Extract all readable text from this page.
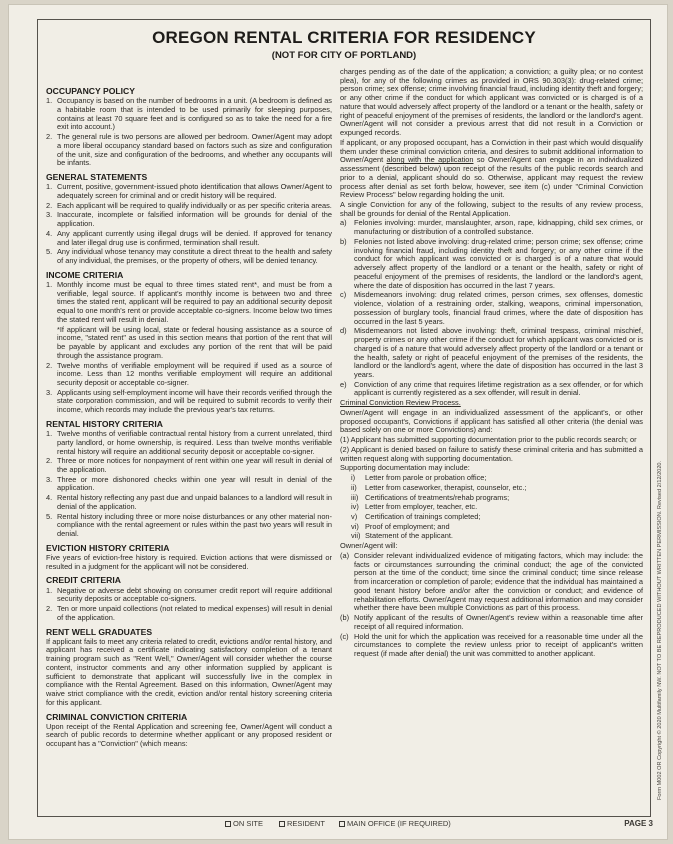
OREGON RENTAL CRITERIA FOR RESIDENCY
(NOT FOR CITY OF PORTLAND)
OCCUPANCY POLICY
1. Occupancy is based on the number of bedrooms in a unit. (A bedroom is defined as a habitable room that is intended to be used primarily for sleeping purposes, contains at least 70 square feet and is configured so as to take the need for a fire exit into account.)
2. The general rule is two persons are allowed per bedroom. Owner/Agent may adopt a more liberal occupancy standard based on factors such as size and configuration of the unit, size and configuration of the bedrooms, and whether any occupants will be infants.
GENERAL STATEMENTS
1. Current, positive, government-issued photo identification that allows Owner/Agent to adequately screen for criminal and or credit history will be required.
2. Each applicant will be required to qualify individually or as per specific criteria areas.
3. Inaccurate, incomplete or falsified information will be grounds for denial of the application.
4. Any applicant currently using illegal drugs will be denied. If approved for tenancy and later illegal drug use is confirmed, termination shall result.
5. Any individual whose tenancy may constitute a direct threat to the health and safety of any individual, the premises, or the property of others, will be denied tenancy.
INCOME CRITERIA
1. Monthly income must be equal to three times stated rent*, and must be from a verifiable, legal source. If applicant's monthly income is between two and three times the stated rent, applicant will be required to pay an additional security deposit equal to one month's rent or provide acceptable co-signers. Income below two times the stated rent will result in denial.
*If applicant will be using local, state or federal housing assistance as a source of income, "stated rent" as used in this section means that portion of the rent that will be payable by applicant and excludes any portion of the rent that will be paid through the assistance program.
2. Twelve months of verifiable employment will be required if used as a source of income. Less than 12 months verifiable employment will require an additional security deposit or acceptable co-signer.
3. Applicants using self-employment income will have their records verified through the state corporation commission, and will be required to submit records to verify their income, which records may include the previous year's tax returns.
RENTAL HISTORY CRITERIA
1. Twelve months of verifiable contractual rental history from a current unrelated, third party landlord, or home ownership, is required. Less than twelve months verifiable rental history will require an additional security deposit or acceptable co-signer.
2. Three or more notices for nonpayment of rent within one year will result in denial of the application.
3. Three or more dishonored checks within one year will result in denial of the application.
4. Rental history reflecting any past due and unpaid balances to a landlord will result in denial of the application.
5. Rental history including three or more noise disturbances or any other material non-compliance with the rental agreement or rules within the past two years will result in denial.
EVICTION HISTORY CRITERIA
Five years of eviction-free history is required. Eviction actions that were dismissed or resulted in a judgment for the applicant will not be considered.
CREDIT CRITERIA
1. Negative or adverse debt showing on consumer credit report will require additional security deposits or acceptable co-signers.
2. Ten or more unpaid collections (not related to medical expenses) will result in denial of the application.
RENT WELL GRADUATES
If applicant fails to meet any criteria related to credit, evictions and/or rental history, and applicant has received a certificate indicating satisfactory completion of a tenant training program such as "Rent Well," Owner/Agent will consider whether the course content, instructor comments and any other information supplied by applicant is sufficient to demonstrate that applicant will successfully live in the complex in compliance with the Rental Agreement. Based on this information, Owner/Agent may waive strict compliance with the credit, eviction and/or rental history screening criteria for this applicant.
CRIMINAL CONVICTION CRITERIA
Upon receipt of the Rental Application and screening fee, Owner/Agent will conduct a search of public records to determine whether applicant or any proposed resident or occupant has a "Conviction" (which means:
charges pending as of the date of the application; a conviction; a guilty plea; or no contest plea), for any of the following crimes as provided in ORS 90.303(3): drug-related crime; person crime; sex offense; crime involving financial fraud, including identity theft and forgery; or any other crime if the conduct for which applicant was convicted or is charged is of a nature that would adversely affect property of the landlord or a tenant or the health, safety or right of peaceful enjoyment of the premises of residents, the landlord or the landlord's agent. Owner/Agent will not consider a previous arrest that did not result in a Conviction or expunged records.
If applicant, or any proposed occupant, has a Conviction in their past which would disqualify them under these criminal conviction criteria, and desires to submit additional information to Owner/Agent along with the application so Owner/Agent can engage in an individualized assessment (described below) upon receipt of the results of the public records search and prior to a denial, applicant should do so. Otherwise, applicant may request the review process after denial as set forth below, however, see item (c) under "Criminal Conviction Review Process" below regarding holding the unit.
A single Conviction for any of the following, subject to the results of any review process, shall be grounds for denial of the Rental Application.
a)	Felonies involving: murder, manslaughter, arson, rape, kidnapping, child sex crimes, or manufacturing or distribution of a controlled substance.
b)	Felonies not listed above involving: drug-related crime; person crime; sex offense; crime involving financial fraud, including identity theft and forgery; or any other crime if the conduct for which applicant was convicted or is charged is of a nature that would adversely affect property of the landlord or a tenant or the health, safety or right of peaceful enjoyment of the premises of residents, the landlord or the landlord's agent, where the date of disposition has occurred in the last 7 years.
c)	Misdemeanors involving: drug related crimes, person crimes, sex offenses, domestic violence, violation of a restraining order, stalking, weapons, criminal impersonation, possession of burglary tools, financial fraud crimes, where the date of disposition has occurred in the last 5 years.
d)	Misdemeanors not listed above involving: theft, criminal trespass, criminal mischief, property crimes or any other crime if the conduct for which applicant was convicted or is charged is of a nature that would adversely affect property of the landlord or a tenant or the health, safety or right of peaceful enjoyment of the premises of the residents, the landlord or the landlord's agent, where the date of disposition has occurred in the last 3 years.
e)	Conviction of any crime that requires lifetime registration as a sex offender, or for which applicant is currently registered as a sex offender, will result in denial.
Criminal Conviction Review Process.
Owner/Agent will engage in an individualized assessment of the applicant's, or other proposed occupant's, Convictions if applicant has satisfied all other criteria (the denial was based solely on one or more Convictions) and:
(1) Applicant has submitted supporting documentation prior to the public records search; or
(2) Applicant is denied based on failure to satisfy these criminal criteria and has submitted a written request along with supporting documentation.
Supporting documentation may include:
i)	Letter from parole or probation office;
ii)	Letter from caseworker, therapist, counselor, etc.;
iii) Certifications of treatments/rehab programs;
iv) Letter from employer, teacher, etc.
v)	Certification of trainings completed;
vi) Proof of employment; and
vii) Statement of the applicant.
Owner/Agent will:
(a) Consider relevant individualized evidence of mitigating factors, which may include: the facts or circumstances surrounding the criminal conduct; the age of the convicted person at the time of the conduct; time since the criminal conduct; time since release from incarceration or completion of parole; evidence that the individual has maintained a good tenant history before and/or after the conviction or conduct; and evidence of rehabilitation efforts. Owner/Agent may request additional information and may consider whether there have been multiple Convictions as part of this process.
(b) Notify applicant of the results of Owner/Agent's review within a reasonable time after receipt of all required information.
(c) Hold the unit for which the application was received for a reasonable time under all the circumstances to complete the review unless prior to receipt of applicant's written request (if made after denial) the unit was committed to another applicant.
ON SITE	RESIDENT	MAIN OFFICE (IF REQUIRED)	PAGE 3
Form M002 OR Copyright © 2020 Multifamily NW. NOT TO BE REPRODUCED WITHOUT WRITTEN PERMISSION. Revised 2/12/2020.
